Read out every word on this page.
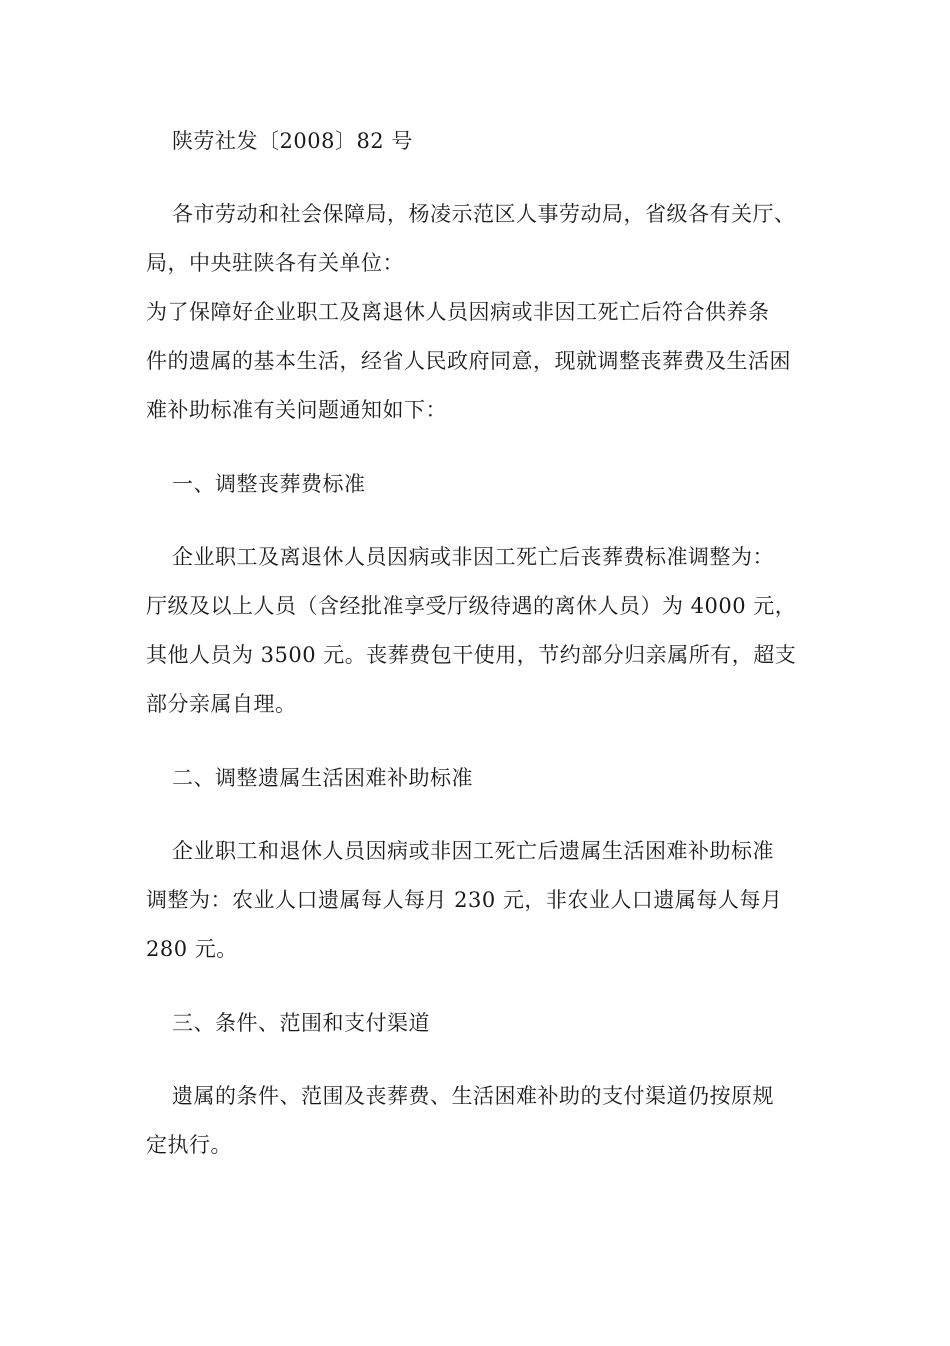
陕劳社发〔2008〕82 号
各市劳动和社会保障局，杨凌示范区人事劳动局，省级各有关厅、
局，中央驻陕各有关单位：
为了保障好企业职工及离退休人员因病或非因工死亡后符合供养条
件的遗属的基本生活，经省人民政府同意，现就调整丧葬费及生活困
难补助标准有关问题通知如下：
一、调整丧葬费标准
企业职工及离退休人员因病或非因工死亡后丧葬费标准调整为：
厅级及以上人员（含经批准享受厅级待遇的离休人员）为 4000 元，
其他人员为 3500 元。丧葬费包干使用，节约部分归亲属所有，超支
部分亲属自理。
二、调整遗属生活困难补助标准
企业职工和退休人员因病或非因工死亡后遗属生活困难补助标准
调整为：农业人口遗属每人每月 230 元，非农业人口遗属每人每月
280 元。
三、条件、范围和支付渠道
遗属的条件、范围及丧葬费、生活困难补助的支付渠道仍按原规
定执行。
